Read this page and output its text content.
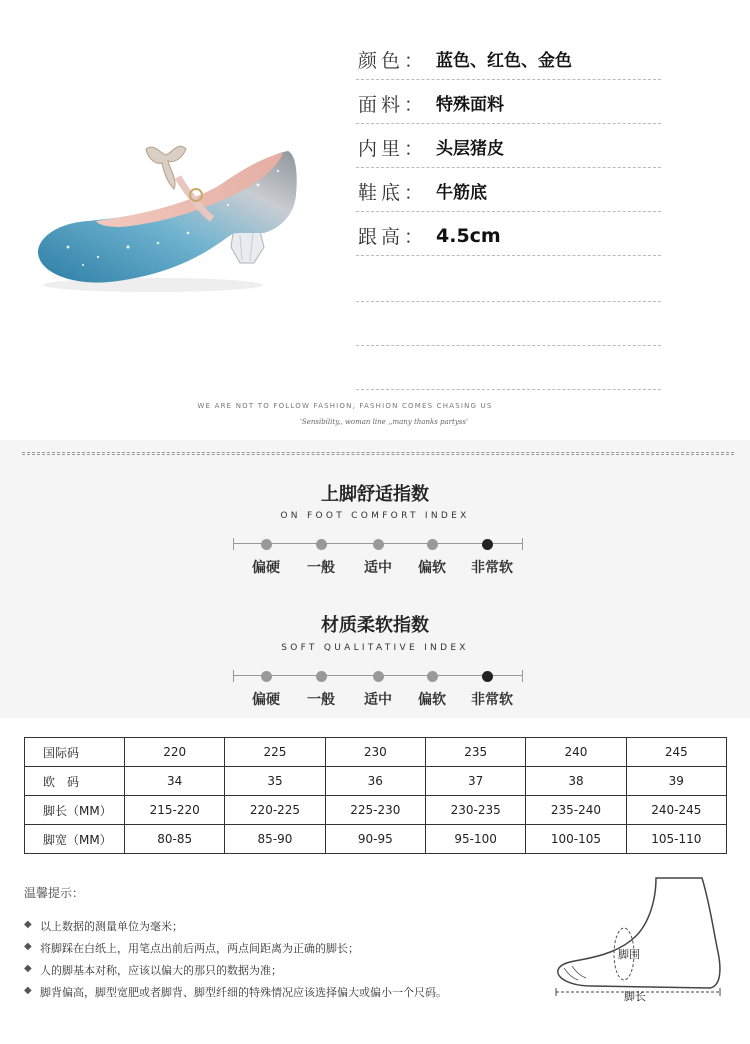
颜色： 蓝色、红色、金色
面料： 特殊面料
内里： 头层猪皮
鞋底： 牛筋底
跟高： 4.5cm
WE ARE NOT TO FOLLOW FASHION, FASHION COMES CHASING US
'Sensibility,, woman line ,,many thanks partyss'
上脚舒适指数
ON FOOT COMFORT INDEX
偏硬	一般	适中	偏软	非常软
材质柔软指数
SOFT QUALITATIVE INDEX
偏硬	一般	适中	偏软	非常软
国际码	220	225	230	235	240	245
欧　码	34	35	36	37	38	39
脚长（MM）	215-220	220-225	225-230	230-235	235-240	240-245
脚宽（MM）	80-85	85-90	90-95	95-100	100-105	105-110
温馨提示：
◆ 以上数据的测量单位为毫米；
◆ 将脚踩在白纸上，用笔点出前后两点，两点间距离为正确的脚长；
◆ 人的脚基本对称，应该以偏大的那只的数据为准；
◆ 脚背偏高，脚型宽肥或者脚背、脚型纤细的特殊情况应该选择偏大或偏小一个尺码。
脚围
脚长
